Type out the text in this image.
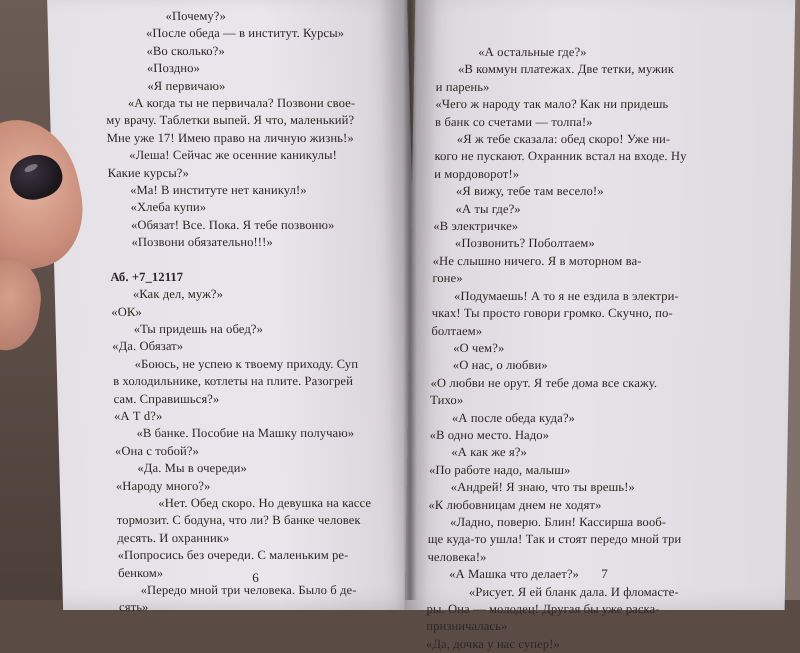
«Почему?»

«После обеда — в институт. Курсы»

«Во сколько?»

«Поздно»

«Я первичаю»

«А когда ты не первичала? Позвони свое-

му врачу. Таблетки выпей. Я что, маленький?

Мне уже 17! Имею право на личную жизнь!»

«Леша! Сейчас же осенние каникулы!

Какие курсы?»

«Ма! В институте нет каникул!»

«Хлеба купи»

«Обязат! Все. Пока. Я тебе позвоню»

«Позвони обязательно!!!»

Аб. +7_12117

«Как дел, муж?»

«ОК»

«Ты придешь на обед?»

«Да. Обязат»

«Боюсь, не успею к твоему приходу. Суп

в холодильнике, котлеты на плите. Разогрей

сам. Справишься?»

«А Т d?»

«В банке. Пособие на Машку получаю»

«Она с тобой?»

«Да. Мы в очереди»

«Народу много?»

«Нет. Обед скоро. Но девушка на кассе

тормозит. С бодуна, что ли? В банке человек

десять. И охранник»

«Попросись без очереди. С маленьким ре-

бенком»

«Передо мной три человека. Было б де-

сять»

6

«А остальные где?»

«В коммун платежах. Две тетки, мужик

и парень»

«Чего ж народу так мало? Как ни придешь

в банк со счетами — толпа!»

«Я ж тебе сказала: обед скоро! Уже ни-

кого не пускают. Охранник встал на входе. Ну

и мордоворот!»

«Я вижу, тебе там весело!»

«А ты где?»

«В электричке»

«Позвонить? Поболтаем»

«Не слышно ничего. Я в моторном ва-

гоне»

«Подумаешь! А то я не ездила в электри-

чках! Ты просто говори громко. Скучно, по-

болтаем»

«О чем?»

«О нас, о любви»

«О любви не орут. Я тебе дома все скажу.

Тихо»

«А после обеда куда?»

«В одно место. Надо»

«А как же я?»

«По работе надо, малыш»

«Андрей! Я знаю, что ты врешь!»

«К любовницам днем не ходят»

«Ладно, поверю. Блин! Кассирша вооб-

ще куда-то ушла! Так и стоят передо мной три

человека!»

«А Машка что делает?»

«Рисует. Я ей бланк дала. И фломасте-

ры. Она — молодец! Другая бы уже раска-

призничалась»

«Да, дочка у нас супер!»

7
